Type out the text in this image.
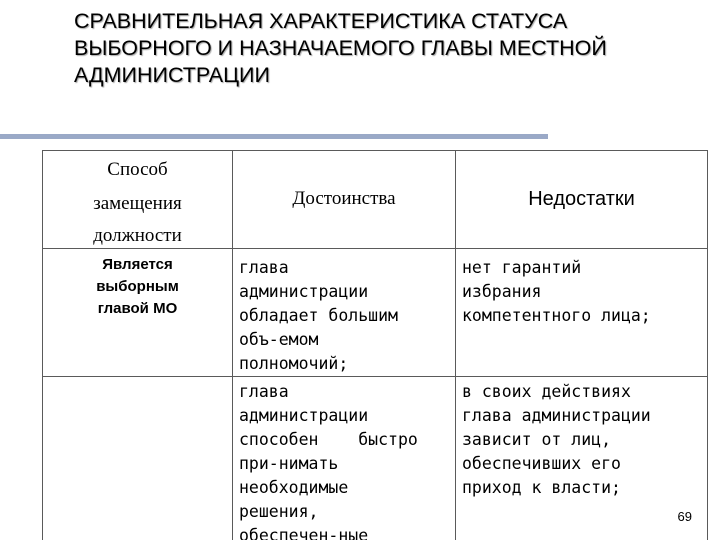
СРАВНИТЕЛЬНАЯ ХАРАКТЕРИСТИКА СТАТУСА
ВЫБОРНОГО И НАЗНАЧАЕМОГО ГЛАВЫ МЕСТНОЙ
АДМИНИСТРАЦИИ
Способ
замещения
должности
Достоинства	Недостатки
Является
выборным
главой МО
глава
администрации
обладает большим
объ-емом
полномочий;
нет гарантий
избрания
компетентного лица;
глава
администрации
способен    быстро
при-нимать
необходимые
решения,
обеспечен-ные
в своих действиях
глава администрации
зависит от лиц,
обеспечивших его
приход к власти;
69
